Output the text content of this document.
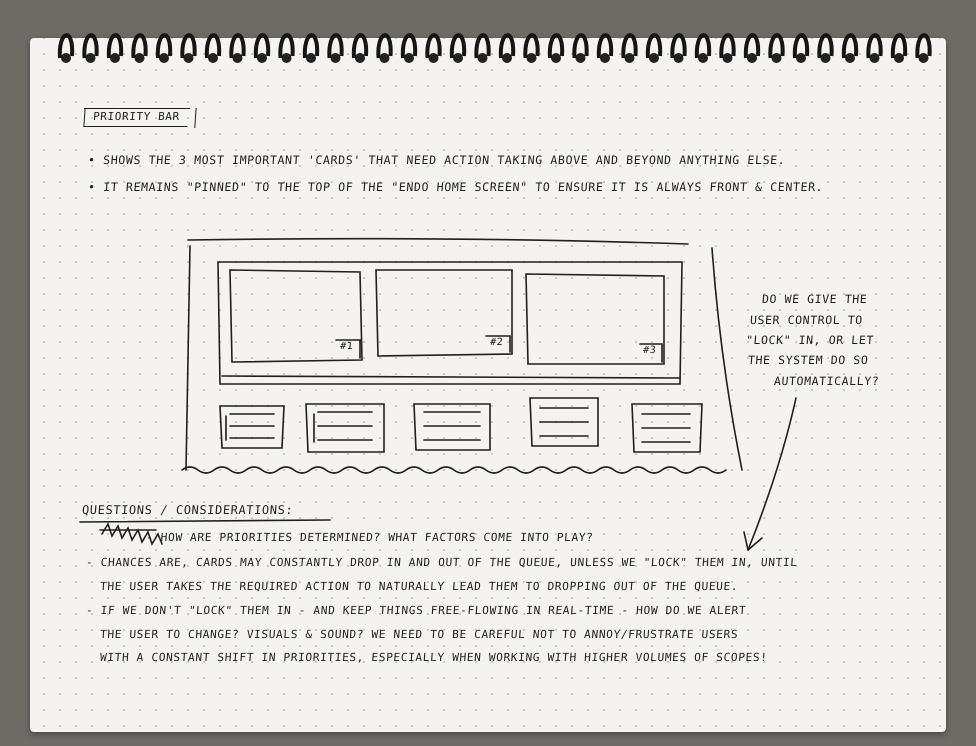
PRIORITY BAR
• SHOWS THE 3 MOST IMPORTANT 'CARDS' THAT NEED ACTION TAKING ABOVE AND BEYOND ANYTHING ELSE.
• IT REMAINS "PINNED" TO THE TOP OF THE "ENDO HOME SCREEN" TO ENSURE IT IS ALWAYS FRONT & CENTER.
#1	#2
#3
DO WE GIVE THE
USER CONTROL TO
"LOCK" IN, OR LET
THE SYSTEM DO SO
AUTOMATICALLY?
QUESTIONS / CONSIDERATIONS:
- HOW ARE PRIORITIES DETERMINED? WHAT FACTORS COME INTO PLAY?
- CHANCES ARE, CARDS MAY CONSTANTLY DROP IN AND OUT OF THE QUEUE, UNLESS WE "LOCK" THEM IN, UNTIL
THE USER TAKES THE REQUIRED ACTION TO NATURALLY LEAD THEM TO DROPPING OUT OF THE QUEUE.
- IF WE DON'T "LOCK" THEM IN - AND KEEP THINGS FREE-FLOWING IN REAL-TIME - HOW DO WE ALERT
THE USER TO CHANGE? VISUALS & SOUND? WE NEED TO BE CAREFUL NOT TO ANNOY/FRUSTRATE USERS
WITH A CONSTANT SHIFT IN PRIORITIES, ESPECIALLY WHEN WORKING WITH HIGHER VOLUMES OF SCOPES!
